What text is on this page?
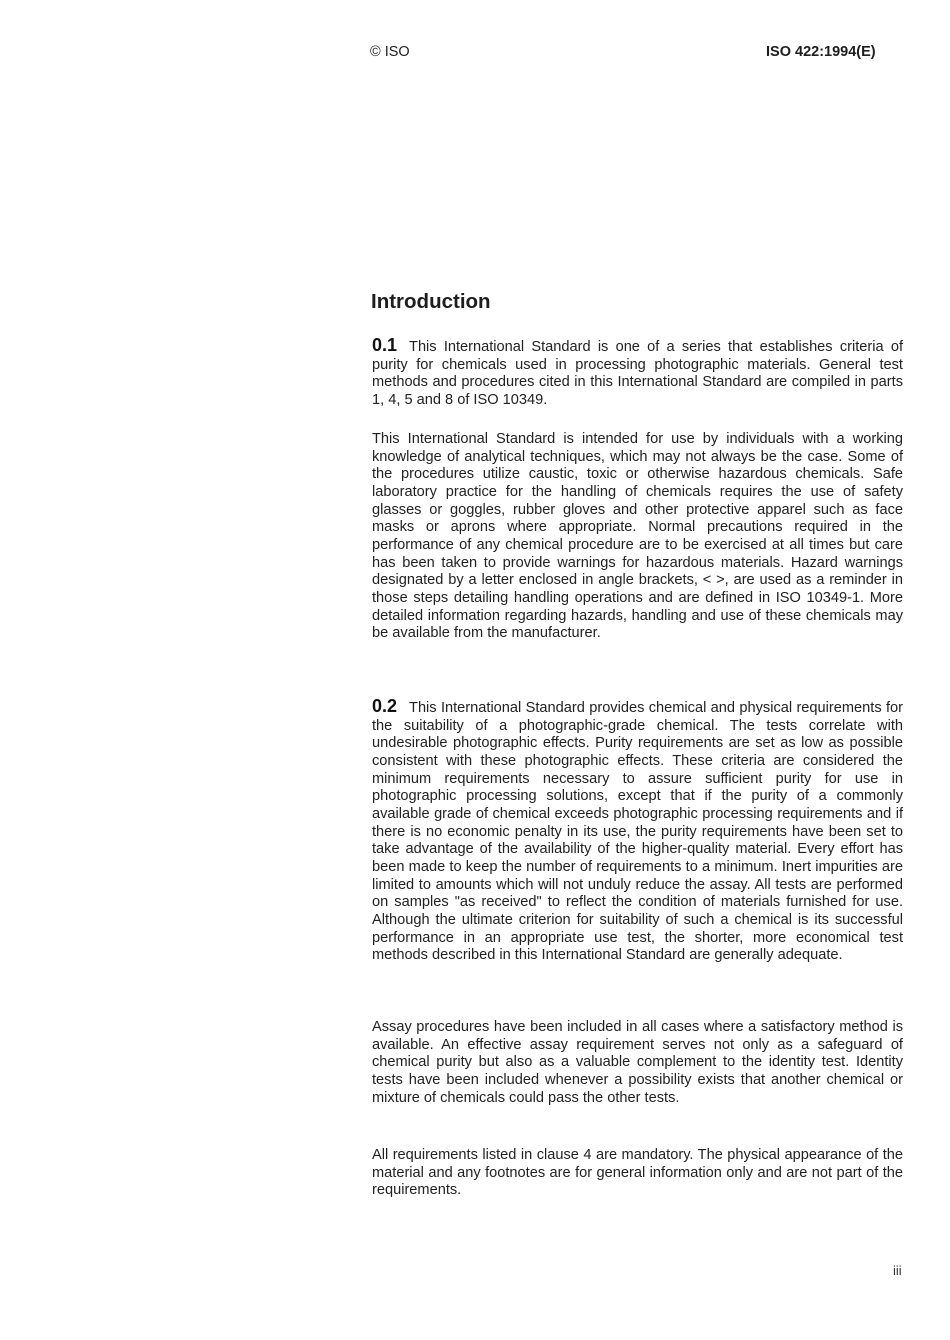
© ISO	ISO 422:1994(E)
Introduction

0.1 This International Standard is one of a series that establishes criteria of purity for chemicals used in processing photographic materials. General test methods and procedures cited in this International Standard are compiled in parts 1, 4, 5 and 8 of ISO 10349.

This International Standard is intended for use by individuals with a working knowledge of analytical techniques, which may not always be the case. Some of the procedures utilize caustic, toxic or otherwise hazardous chemicals. Safe laboratory practice for the handling of chemicals requires the use of safety glasses or goggles, rubber gloves and other protective apparel such as face masks or aprons where appropriate. Normal precautions required in the performance of any chemical procedure are to be exercised at all times but care has been taken to provide warnings for hazardous materials. Hazard warnings designated by a letter enclosed in angle brackets, < >, are used as a reminder in those steps detailing handling operations and are defined in ISO 10349-1. More detailed information regarding hazards, handling and use of these chemicals may be available from the manufacturer.

0.2 This International Standard provides chemical and physical requirements for the suitability of a photographic-grade chemical. The tests correlate with undesirable photographic effects. Purity requirements are set as low as possible consistent with these photographic effects. These criteria are considered the minimum requirements necessary to assure sufficient purity for use in photographic processing solutions, except that if the purity of a commonly available grade of chemical exceeds photographic processing requirements and if there is no economic penalty in its use, the purity requirements have been set to take advantage of the availability of the higher-quality material. Every effort has been made to keep the number of requirements to a minimum. Inert impurities are limited to amounts which will not unduly reduce the assay. All tests are performed on samples "as received" to reflect the condition of materials furnished for use. Although the ultimate criterion for suitability of such a chemical is its successful performance in an appropriate use test, the shorter, more economical test methods described in this International Standard are generally adequate.

Assay procedures have been included in all cases where a satisfactory method is available. An effective assay requirement serves not only as a safeguard of chemical purity but also as a valuable complement to the identity test. Identity tests have been included whenever a possibility exists that another chemical or mixture of chemicals could pass the other tests.

All requirements listed in clause 4 are mandatory. The physical appearance of the material and any footnotes are for general information only and are not part of the requirements.

iii
